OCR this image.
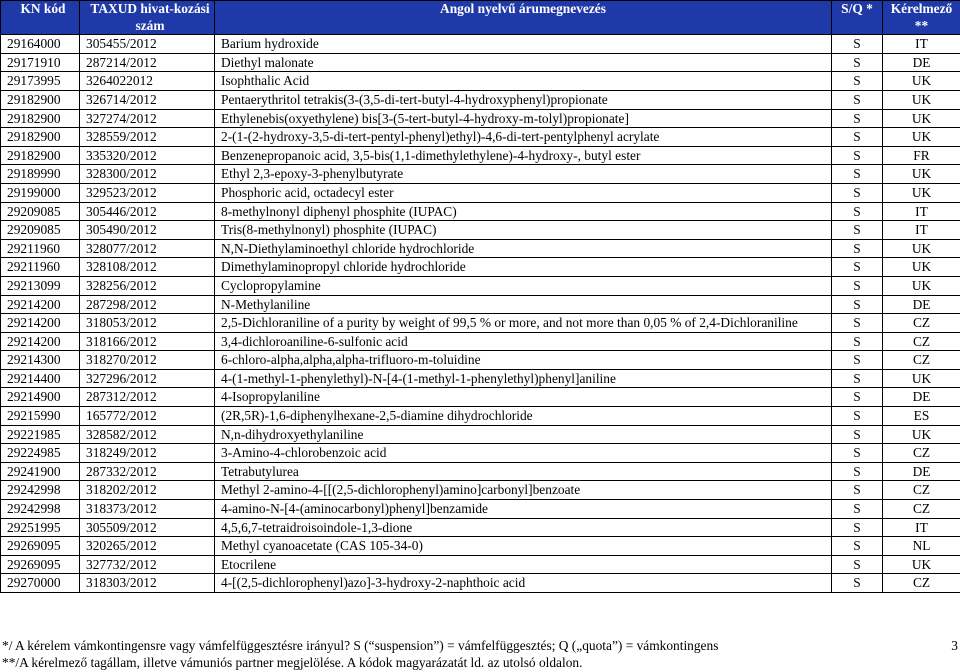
KN kód	TAXUD hivat-kozási szám	Angol nyelvű árumegnevezés	S/Q *	Kérelmező **
29164000	305455/2012	Barium hydroxide	S	IT
29171910	287214/2012	Diethyl malonate	S	DE
29173995	3264022012	Isophthalic Acid	S	UK
29182900	326714/2012	Pentaerythritol tetrakis(3-(3,5-di-tert-butyl-4-hydroxyphenyl)propionate	S	UK
29182900	327274/2012	Ethylenebis(oxyethylene) bis[3-(5-tert-butyl-4-hydroxy-m-tolyl)propionate]	S	UK
29182900	328559/2012	2-(1-(2-hydroxy-3,5-di-tert-pentyl-phenyl)ethyl)-4,6-di-tert-pentylphenyl acrylate	S	UK
29182900	335320/2012	Benzenepropanoic acid, 3,5-bis(1,1-dimethylethylene)-4-hydroxy-, butyl ester	S	FR
29189990	328300/2012	Ethyl 2,3-epoxy-3-phenylbutyrate	S	UK
29199000	329523/2012	Phosphoric acid, octadecyl ester	S	UK
29209085	305446/2012	8-methylnonyl diphenyl phosphite (IUPAC)	S	IT
29209085	305490/2012	Tris(8-methylnonyl) phosphite (IUPAC)	S	IT
29211960	328077/2012	N,N-Diethylaminoethyl chloride hydrochloride	S	UK
29211960	328108/2012	Dimethylaminopropyl chloride hydrochloride	S	UK
29213099	328256/2012	Cyclopropylamine	S	UK
29214200	287298/2012	N-Methylaniline	S	DE
29214200	318053/2012	2,5-Dichloraniline of a purity by weight of 99,5 % or more, and not more than 0,05 % of 2,4-Dichloraniline	S	CZ
29214200	318166/2012	3,4-dichloroaniline-6-sulfonic acid	S	CZ
29214300	318270/2012	6-chloro-alpha,alpha,alpha-trifluoro-m-toluidine	S	CZ
29214400	327296/2012	4-(1-methyl-1-phenylethyl)-N-[4-(1-methyl-1-phenylethyl)phenyl]aniline	S	UK
29214900	287312/2012	4-Isopropylaniline	S	DE
29215990	165772/2012	(2R,5R)-1,6-diphenylhexane-2,5-diamine dihydrochloride	S	ES
29221985	328582/2012	N,n-dihydroxyethylaniline	S	UK
29224985	318249/2012	3-Amino-4-chlorobenzoic acid	S	CZ
29241900	287332/2012	Tetrabutylurea	S	DE
29242998	318202/2012	Methyl 2-amino-4-[[(2,5-dichlorophenyl)amino]carbonyl]benzoate	S	CZ
29242998	318373/2012	4-amino-N-[4-(aminocarbonyl)phenyl]benzamide	S	CZ
29251995	305509/2012	4,5,6,7-tetraidroisoindole-1,3-dione	S	IT
29269095	320265/2012	Methyl cyanoacetate (CAS 105-34-0)	S	NL
29269095	327732/2012	Etocrilene	S	UK
29270000	318303/2012	4-[(2,5-dichlorophenyl)azo]-3-hydroxy-2-naphthoic acid	S	CZ
*/ A kérelem vámkontingensre vagy vámfelfüggesztésre irányul? S (“suspension”) = vámfelfüggesztés; Q („quota”) = vámkontingens	3
**/A kérelmező tagállam, illetve vámuniós partner megjelölése. A kódok magyarázatát ld. az utolsó oldalon.
